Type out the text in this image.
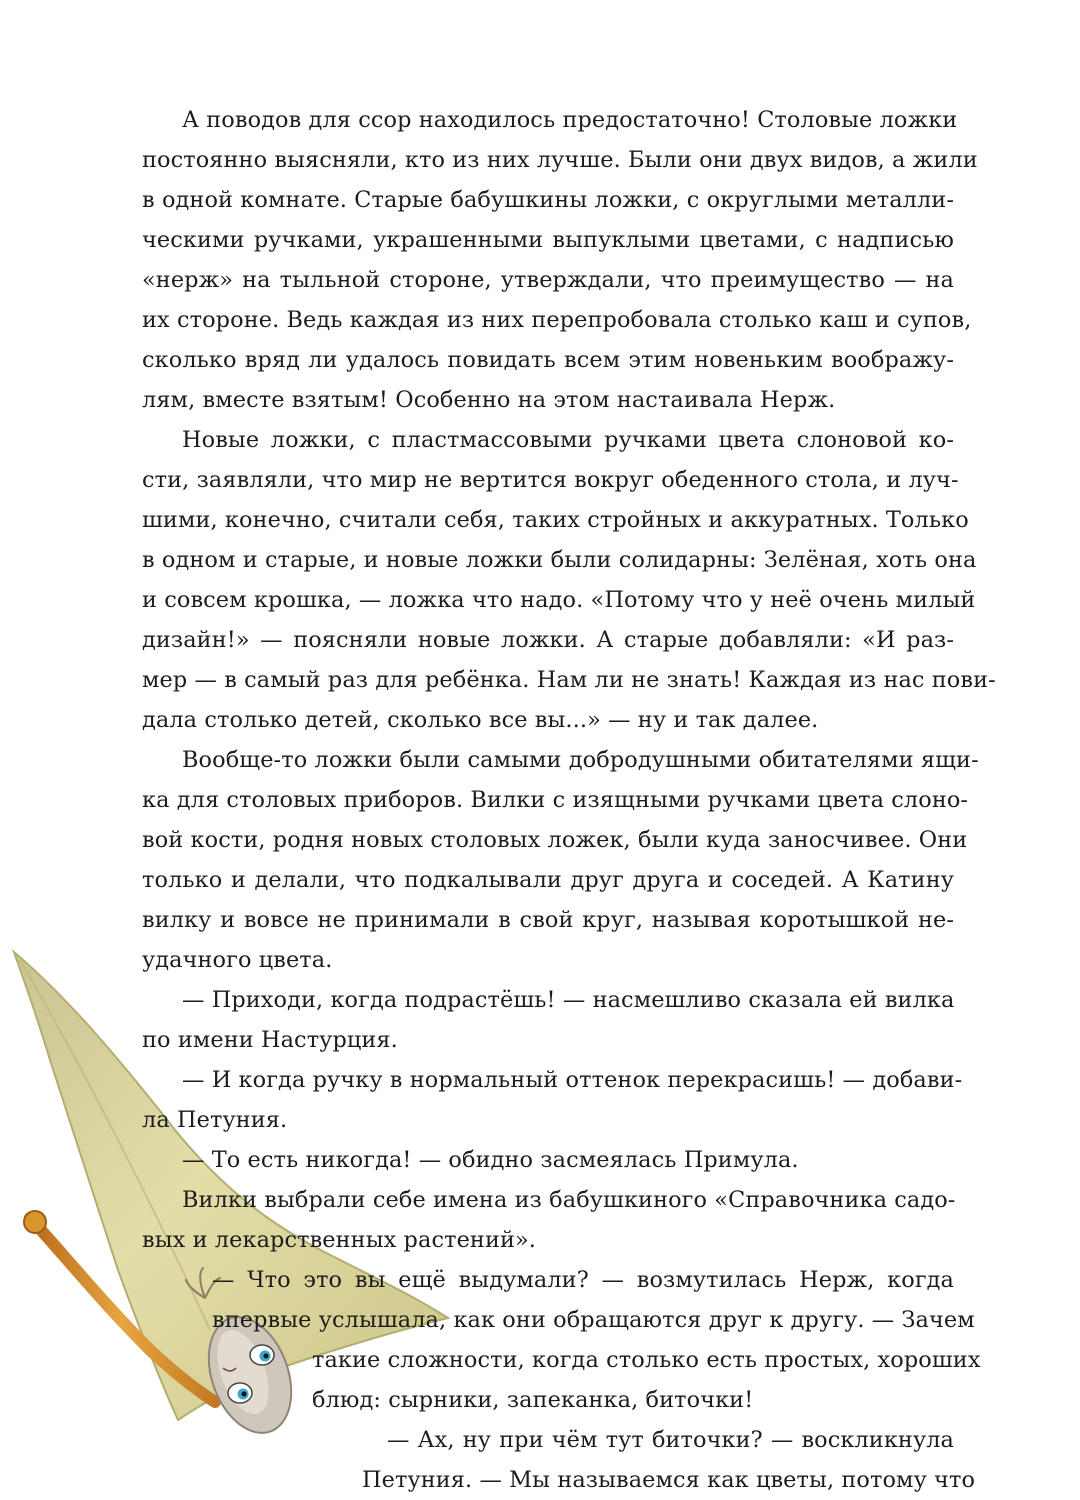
А поводов для ссор находилось предостаточно! Столовые ложки
постоянно выясняли, кто из них лучше. Были они двух видов, а жили
в одной комнате. Старые бабушкины ложки, с округлыми металли-
ческими ручками, украшенными выпуклыми цветами, с надписью
«нерж» на тыльной стороне, утверждали, что преимущество — на
их стороне. Ведь каждая из них перепробовала столько каш и супов,
сколько вряд ли удалось повидать всем этим новеньким воображу-
лям, вместе взятым! Особенно на этом настаивала Нерж.
Новые ложки, с пластмассовыми ручками цвета слоновой ко-
сти, заявляли, что мир не вертится вокруг обеденного стола, и луч-
шими, конечно, считали себя, таких стройных и аккуратных. Только
в одном и старые, и новые ложки были солидарны: Зелёная, хоть она
и совсем крошка, — ложка что надо. «Потому что у неё очень милый
дизайн!» — поясняли новые ложки. А старые добавляли: «И раз-
мер — в самый раз для ребёнка. Нам ли не знать! Каждая из нас пови-
дала столько детей, сколько все вы...» — ну и так далее.
Вообще-то ложки были самыми добродушными обитателями ящи-
ка для столовых приборов. Вилки с изящными ручками цвета слоно-
вой кости, родня новых столовых ложек, были куда заносчивее. Они
только и делали, что подкалывали друг друга и соседей. А Катину
вилку и вовсе не принимали в свой круг, называя коротышкой не-
удачного цвета.
— Приходи, когда подрастёшь! — насмешливо сказала ей вилка
по имени Настурция.
— И когда ручку в нормальный оттенок перекрасишь! — добави-
ла Петуния.
— То есть никогда! — обидно засмеялась Примула.
Вилки выбрали себе имена из бабушкиного «Справочника садо-
вых и лекарственных растений».
— Что это вы ещё выдумали? — возмутилась Нерж, когда
впервые услышала, как они обращаются друг к другу. — Зачем
такие сложности, когда столько есть простых, хороших
блюд: сырники, запеканка, биточки!
— Ах, ну при чём тут биточки? — воскликнула
Петуния. — Мы называемся как цветы, потому что
